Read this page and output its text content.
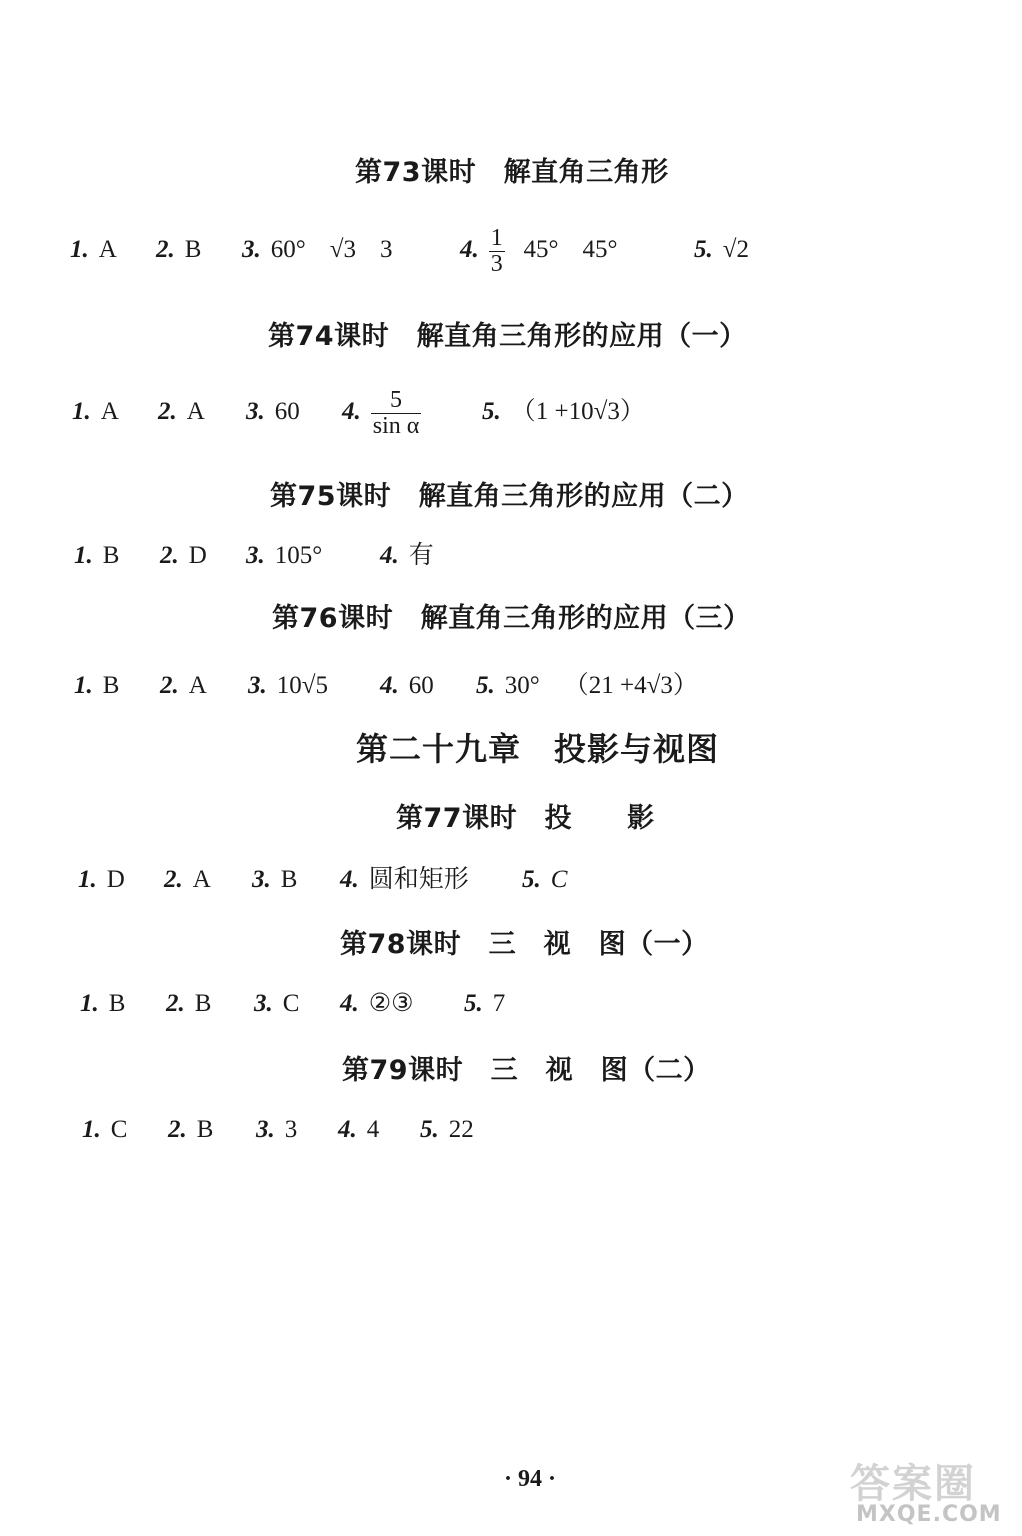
第73课时　解直角三角形
1. A 2. B 3. 60° √3 3	4. $\frac{1}{3} 45^\circ$ 45°	5. √2
第74课时　解直角三角形的应用（一）
1. A 2. A 3. 60 4. $\frac{5}{\text{sin α}} 5$. （1 +10√3）
第75课时　解直角三角形的应用（二）
1. B 2. D 3. 105° 4. 有
第76课时　解直角三角形的应用（三）
1. B 2. A 3. 10√5 4. 60 5. 30° （21 +4√3）
第二十九章　投影与视图
第77课时　投　　影
1. D 2. A 3. B 4. 圆和矩形 5. C
第78课时　三　视　图（一）
1. B 2. B 3. C 4. ②③ 5. 7
第79课时　三　视　图（二）
1. C 2. B 3. 3 4. 4 5. 22
· 94 ·	答案圈
MXQE.COM
